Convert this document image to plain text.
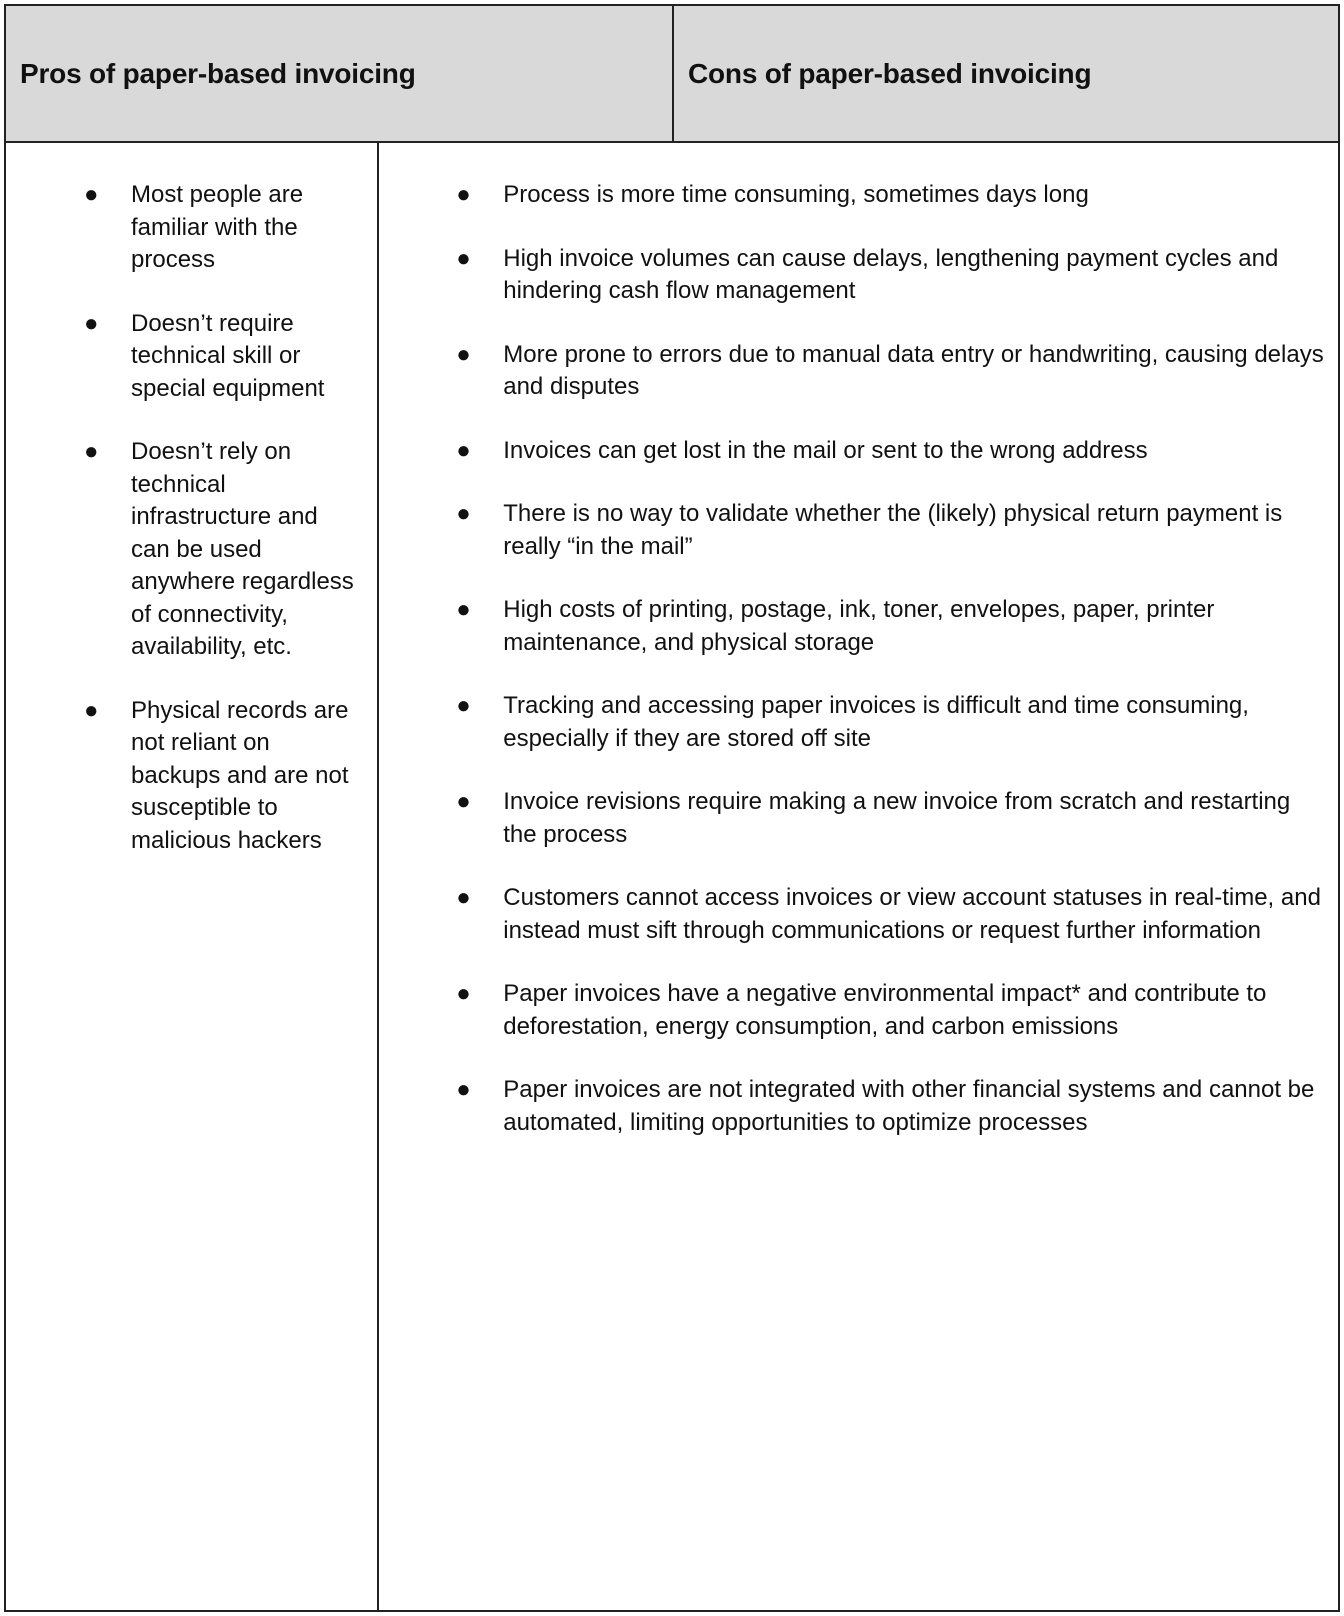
Pros of paper-based invoicing	Cons of paper-based invoicing
● Most people are familiar with the process
● Doesn’t require technical skill or special equipment
● Doesn’t rely on technical infrastructure and can be used anywhere regardless of connectivity, availability, etc.
● Physical records are not reliant on backups and are not susceptible to malicious hackers
● Process is more time consuming, sometimes days long
● High invoice volumes can cause delays, lengthening payment cycles and hindering cash flow management
● More prone to errors due to manual data entry or handwriting, causing delays and disputes
● Invoices can get lost in the mail or sent to the wrong address
● There is no way to validate whether the (likely) physical return payment is really “in the mail”
● High costs of printing, postage, ink, toner, envelopes, paper, printer maintenance, and physical storage
● Tracking and accessing paper invoices is difficult and time consuming, especially if they are stored off site
● Invoice revisions require making a new invoice from scratch and restarting the process
● Customers cannot access invoices or view account statuses in real-time, and instead must sift through communications or request further information
● Paper invoices have a negative environmental impact* and contribute to deforestation, energy consumption, and carbon emissions
● Paper invoices are not integrated with other financial systems and cannot be automated, limiting opportunities to optimize processes
